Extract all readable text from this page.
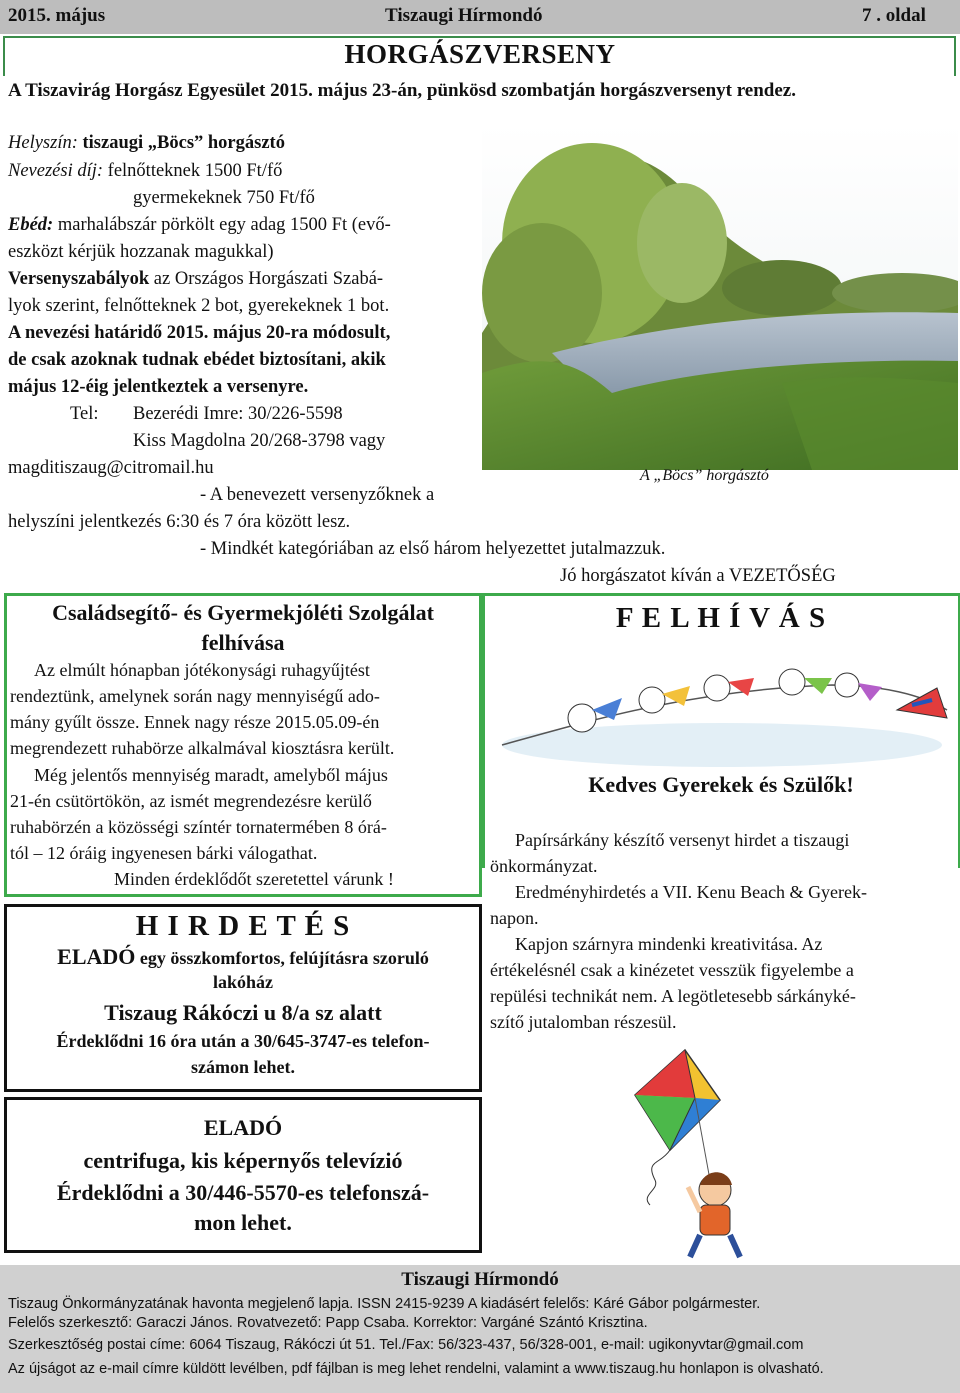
2015. május	Tiszaugi Hírmondó	7 . oldal
HORGÁSZVERSENY
A Tiszavirág Horgász Egyesület 2015. május 23-án, pünkösd szombatján horgászversenyt rendez.
Helyszín: tiszaugi „Böcs” horgásztó
Nevezési díj: felnőtteknek 1500 Ft/fő
gyermekeknek 750 Ft/fő
Ebéd: marhalábszár pörkölt egy adag 1500 Ft (evő-
eszközt kérjük hozzanak magukkal)
Versenyszabályok az Országos Horgászati Szabá-
lyok szerint, felnőtteknek 2 bot, gyerekeknek 1 bot.
A nevezési határidő 2015. május 20-ra módosult,
de csak azoknak tudnak ebédet biztosítani, akik
május 12-éig jelentkeztek a versenyre.
Tel: Bezerédi Imre: 30/226-5598
Kiss Magdolna 20/268-3798 vagy
magditiszaug@citromail.hu
- A benevezett versenyzőknek a
helyszíni jelentkezés 6:30 és 7 óra között lesz.
- Mindkét kategóriában az első három helyezettet jutalmazzuk.
Jó horgászatot kíván a VEZETŐSÉG
A „Böcs” horgásztó
Családsegítő- és Gyermekjóléti Szolgálat
felhívása
Az elmúlt hónapban jótékonysági ruhagyűjtést
rendeztünk, amelynek során nagy mennyiségű ado-
mány gyűlt össze. Ennek nagy része 2015.05.09-én
megrendezett ruhabörze alkalmával kiosztásra került.
Még jelentős mennyiség maradt, amelyből május
21-én csütörtökön, az ismét megrendezésre kerülő
ruhabörzén a közösségi színtér tornatermében 8 órá-
tól – 12 óráig ingyenesen bárki válogathat.
Minden érdeklődőt szeretettel várunk !
F E L H Í V Á S
Kedves Gyerekek és Szülők!
Papírsárkány készítő versenyt hirdet a tiszaugi
önkormányzat.
Eredményhirdetés a VII. Kenu Beach & Gyerek-
napon.
Kapjon szárnyra mindenki kreativitása. Az
értékelésnél csak a kinézetet vesszük figyelembe a
repülési technikát nem. A legötletesebb sárkányké-
szítő jutalomban részesül.
H I R D E T É S
ELADÓ egy összkomfortos, felújításra szoruló
lakóház
Tiszaug Rákóczi u 8/a sz alatt
Érdeklődni 16 óra után a 30/645-3747-es telefon-
számon lehet.
ELADÓ
centrifuga, kis képernyős televízió
Érdeklődni a 30/446-5570-es telefonszá-
mon lehet.
Tiszaugi Hírmondó
Tiszaug Önkormányzatának havonta megjelenő lapja. ISSN 2415-9239 A kiadásért felelős: Káré Gábor polgármester.
Felelős szerkesztő: Garaczi János. Rovatvezető: Papp Csaba. Korrektor: Vargáné Szántó Krisztina.
Szerkesztőség postai címe: 6064 Tiszaug, Rákóczi út 51. Tel./Fax: 56/323-437, 56/328-001, e-mail: ugikonyvtar@gmail.com
Az újságot az e-mail címre küldött levélben, pdf fájlban is meg lehet rendelni, valamint a www.tiszaug.hu honlapon is olvasható.
